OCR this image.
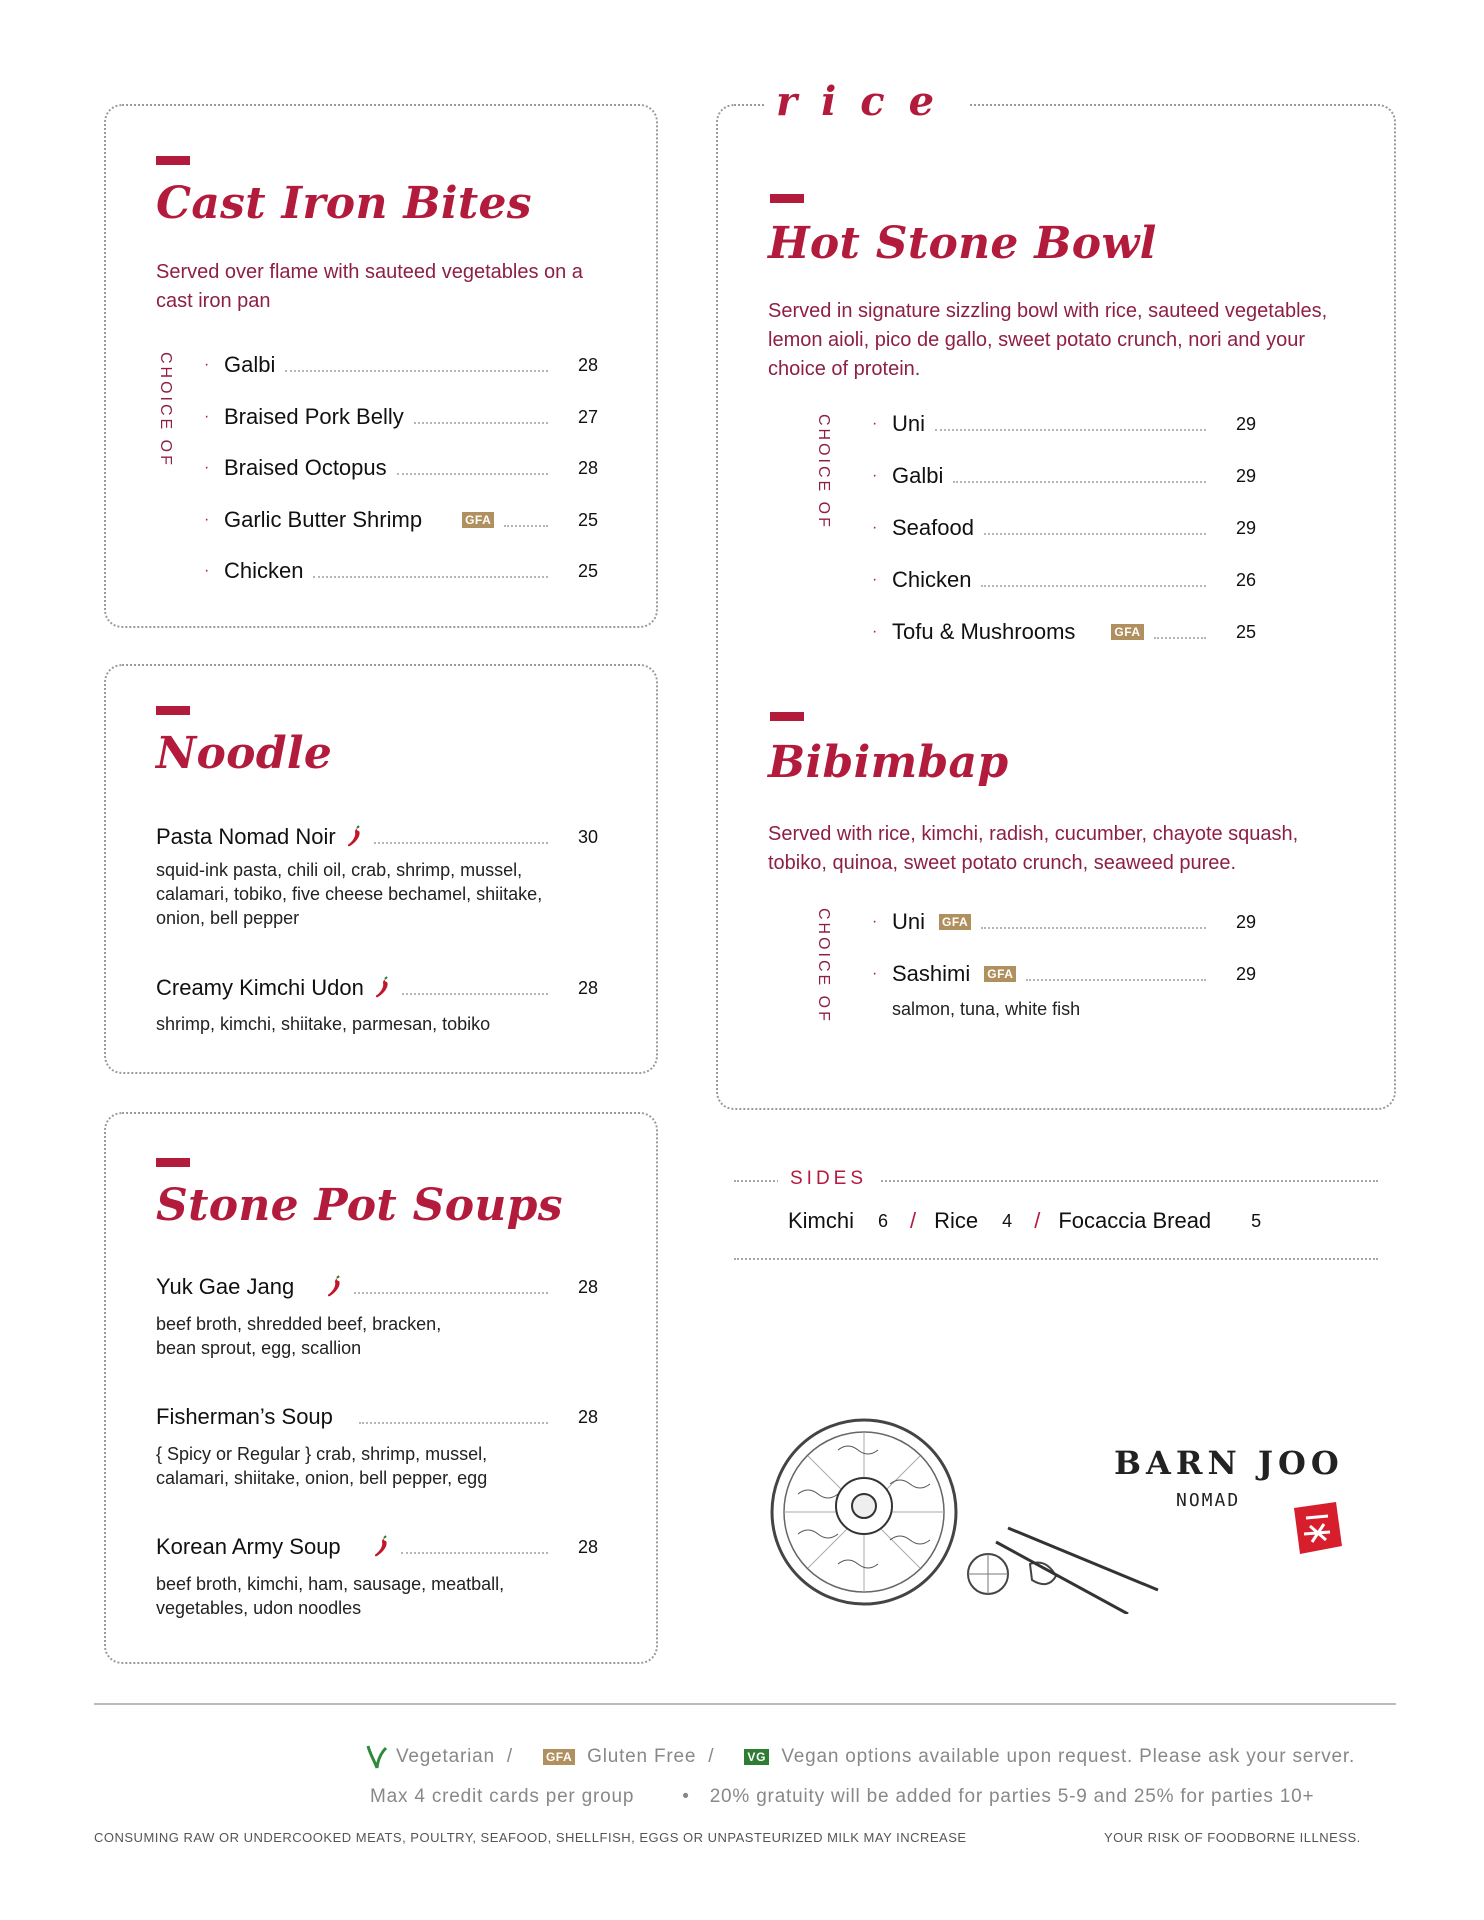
Cast Iron Bites
Served over flame with sauteed vegetables on a cast iron pan
CHOICE OF · Galbi	28
· Braised Pork Belly	27
· Braised Octopus	28
· Garlic Butter Shrimp	GFA	25
· Chicken	25
Noodle
Pasta Nomad Noir	30
squid-ink pasta, chili oil, crab, shrimp, mussel, calamari, tobiko, five cheese bechamel, shiitake, onion, bell pepper
Creamy Kimchi Udon	28
shrimp, kimchi, shiitake, parmesan, tobiko
Stone Pot Soups
Yuk Gae Jang	28
beef broth, shredded beef, bracken, bean sprout, egg, scallion
Fisherman’s Soup	28
{ Spicy or Regular } crab, shrimp, mussel, calamari, shiitake, onion, bell pepper, egg
Korean Army Soup	28
beef broth, kimchi, ham, sausage, meatball, vegetables, udon noodles
rice
Hot Stone Bowl
Served in signature sizzling bowl with rice, sauteed vegetables, lemon aioli, pico de gallo, sweet potato crunch, nori and your choice of protein.
CHOICE OF	· Uni	29
· Galbi	29
· Seafood	29
· Chicken	26
· Tofu & Mushrooms	GFA	25
Bibimbap
Served with rice, kimchi, radish, cucumber, chayote squash, tobiko, quinoa, sweet potato crunch, seaweed puree.
CHOICE OF	· Uni GFA	29
· Sashimi GFA	29
salmon, tuna, white fish
SIDES
Kimchi 6 / Rice 4 / Focaccia Bread 5
BARN JOO
NOMAD
Vegetarian /	GFA Gluten Free /	VG Vegan options available upon request. Please ask your server.
Max 4 credit cards per group	• 20% gratuity will be added for parties 5-9 and 25% for parties 10+
CONSUMING RAW OR UNDERCOOKED MEATS, POULTRY, SEAFOOD, SHELLFISH, EGGS OR UNPASTEURIZED MILK MAY INCREASE	YOUR RISK OF FOODBORNE ILLNESS.
